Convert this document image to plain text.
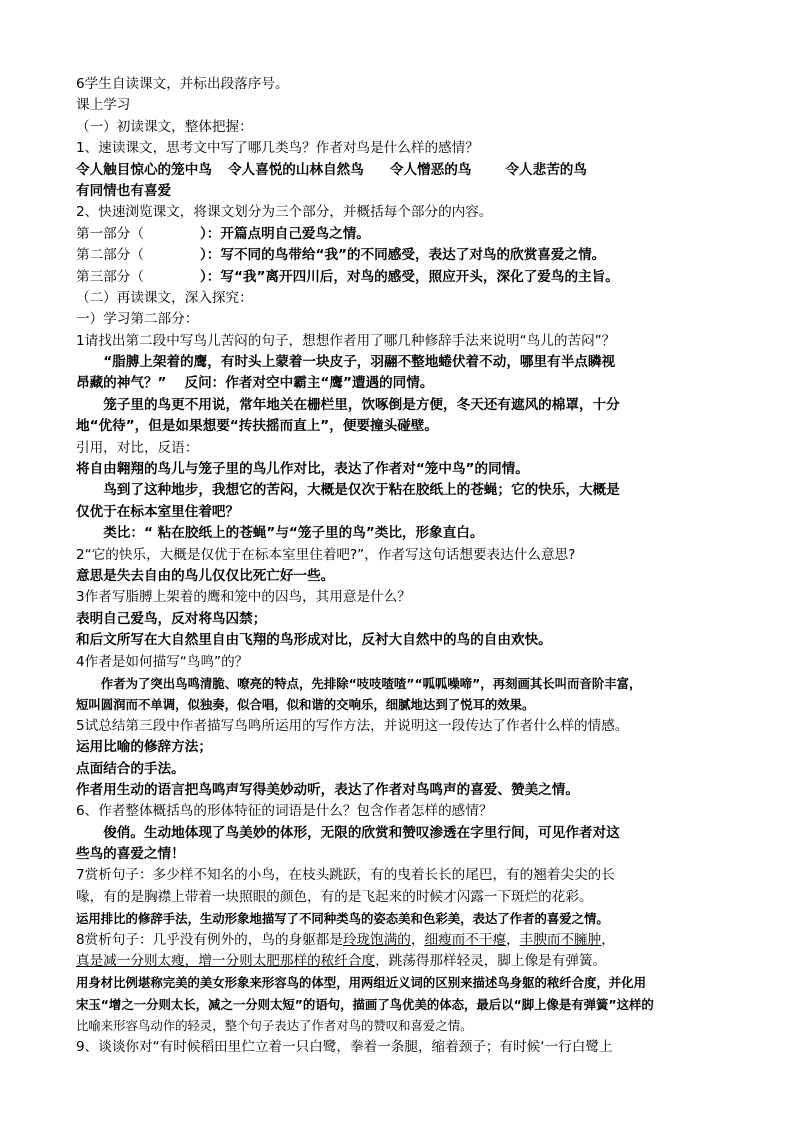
6学生自读课文，并标出段落序号。
课上学习
（一）初读课文，整体把握：
1、速读课文，思考文中写了哪几类鸟？作者对鸟是什么样的感情？
令人触目惊心的笼中鸟 令人喜悦的山林自然鸟 令人憎恶的鸟	令人悲苦的鸟
有同情也有喜爱
2、快速浏览课文，将课文划分为三个部分，并概括每个部分的内容。
第一部分（	）：开篇点明自己爱鸟之情。
第二部分（	）：写不同的鸟带给“我”的不同感受，表达了对鸟的欣赏喜爱之情。
第三部分（	）：写“我”离开四川后，对鸟的感受，照应开头，深化了爱鸟的主旨。
（二）再读课文，深入探究：
一）学习第二部分：
1请找出第二段中写鸟儿苦闷的句子，想想作者用了哪几种修辞手法来说明“鸟儿的苦闷”？
“脂膊上架着的鹰，有时头上蒙着一块皮子，羽翮不整地蜷伏着不动，哪里有半点瞵视
昂藏的神气？” 反问：作者对空中霸主“鹰”遭遇的同情。
笼子里的鸟更不用说，常年地关在栅栏里，饮啄倒是方便，冬天还有遮风的棉罩，十分
地“优待”，但是如果想要“抟扶摇而直上”，便要撞头碰壁。
引用，对比，反语：
将自由翱翔的鸟儿与笼子里的鸟儿作对比，表达了作者对“笼中鸟”的同情。
鸟到了这种地步，我想它的苦闷，大概是仅次于粘在胶纸上的苍蝇；它的快乐，大概是
仅优于在标本室里住着吧？
类比：“ 粘在胶纸上的苍蝇”与“笼子里的鸟”类比，形象直白。
2“它的快乐，大概是仅优于在标本室里住着吧?”，作者写这句话想要表达什么意思?
意思是失去自由的鸟儿仅仅比死亡好一些。
3作者写脂膊上架着的鹰和笼中的囚鸟，其用意是什么？
表明自己爱鸟，反对将鸟囚禁；
和后文所写在大自然里自由飞翔的鸟形成对比，反衬大自然中的鸟的自由欢快。
4作者是如何描写“鸟鸣”的？
作者为了突出鸟鸣清脆、嘹亮的特点，先排除“吱吱喳喳”“呱呱噪啼”，再刻画其长叫而音阶丰富，
短叫圆润而不单调，似独奏，似合唱，似和谐的交响乐，细腻地达到了悦耳的效果。
5试总结第三段中作者描写鸟鸣所运用的写作方法，并说明这一段传达了作者什么样的情感。
运用比喻的修辞方法；
点面结合的手法。
作者用生动的语言把鸟鸣声写得美妙动听，表达了作者对鸟鸣声的喜爱、赞美之情。
6、作者整体概括鸟的形体特征的词语是什么？包含作者怎样的感情？
俊俏。生动地体现了鸟美妙的体形，无限的欣赏和赞叹渗透在字里行间，可见作者对这
些鸟的喜爱之情！
7赏析句子：多少样不知名的小鸟，在枝头跳跃，有的曳着长长的尾巴，有的翘着尖尖的长
喙，有的是胸襟上带着一块照眼的颜色，有的是飞起来的时候才闪露一下斑烂的花彩。
运用排比的修辞手法，生动形象地描写了不同种类鸟的姿态美和色彩美，表达了作者的喜爱之情。
8赏析句子：几乎没有例外的，鸟的身躯都是玲珑饱满的，细瘦而不干瘪，丰腴而不臃肿，
真是减一分则太瘦，增一分则太肥那样的秾纤合度，跳荡得那样轻灵，脚上像是有弹簧。
用身材比例堪称完美的美女形象来形容鸟的体型，用两组近义词的区别来描述鸟身躯的秾纤合度，并化用
宋玉“增之一分则太长，减之一分则太短”的语句，描画了鸟优美的体态，最后以“脚上像是有弹簧”这样的
比喻来形容鸟动作的轻灵，整个句子表达了作者对鸟的赞叹和喜爱之情。
9、谈谈你对“有时候稻田里伫立着一只白鹭，拳着一条腿，缩着颈子；有时候‘一行白鹭上
